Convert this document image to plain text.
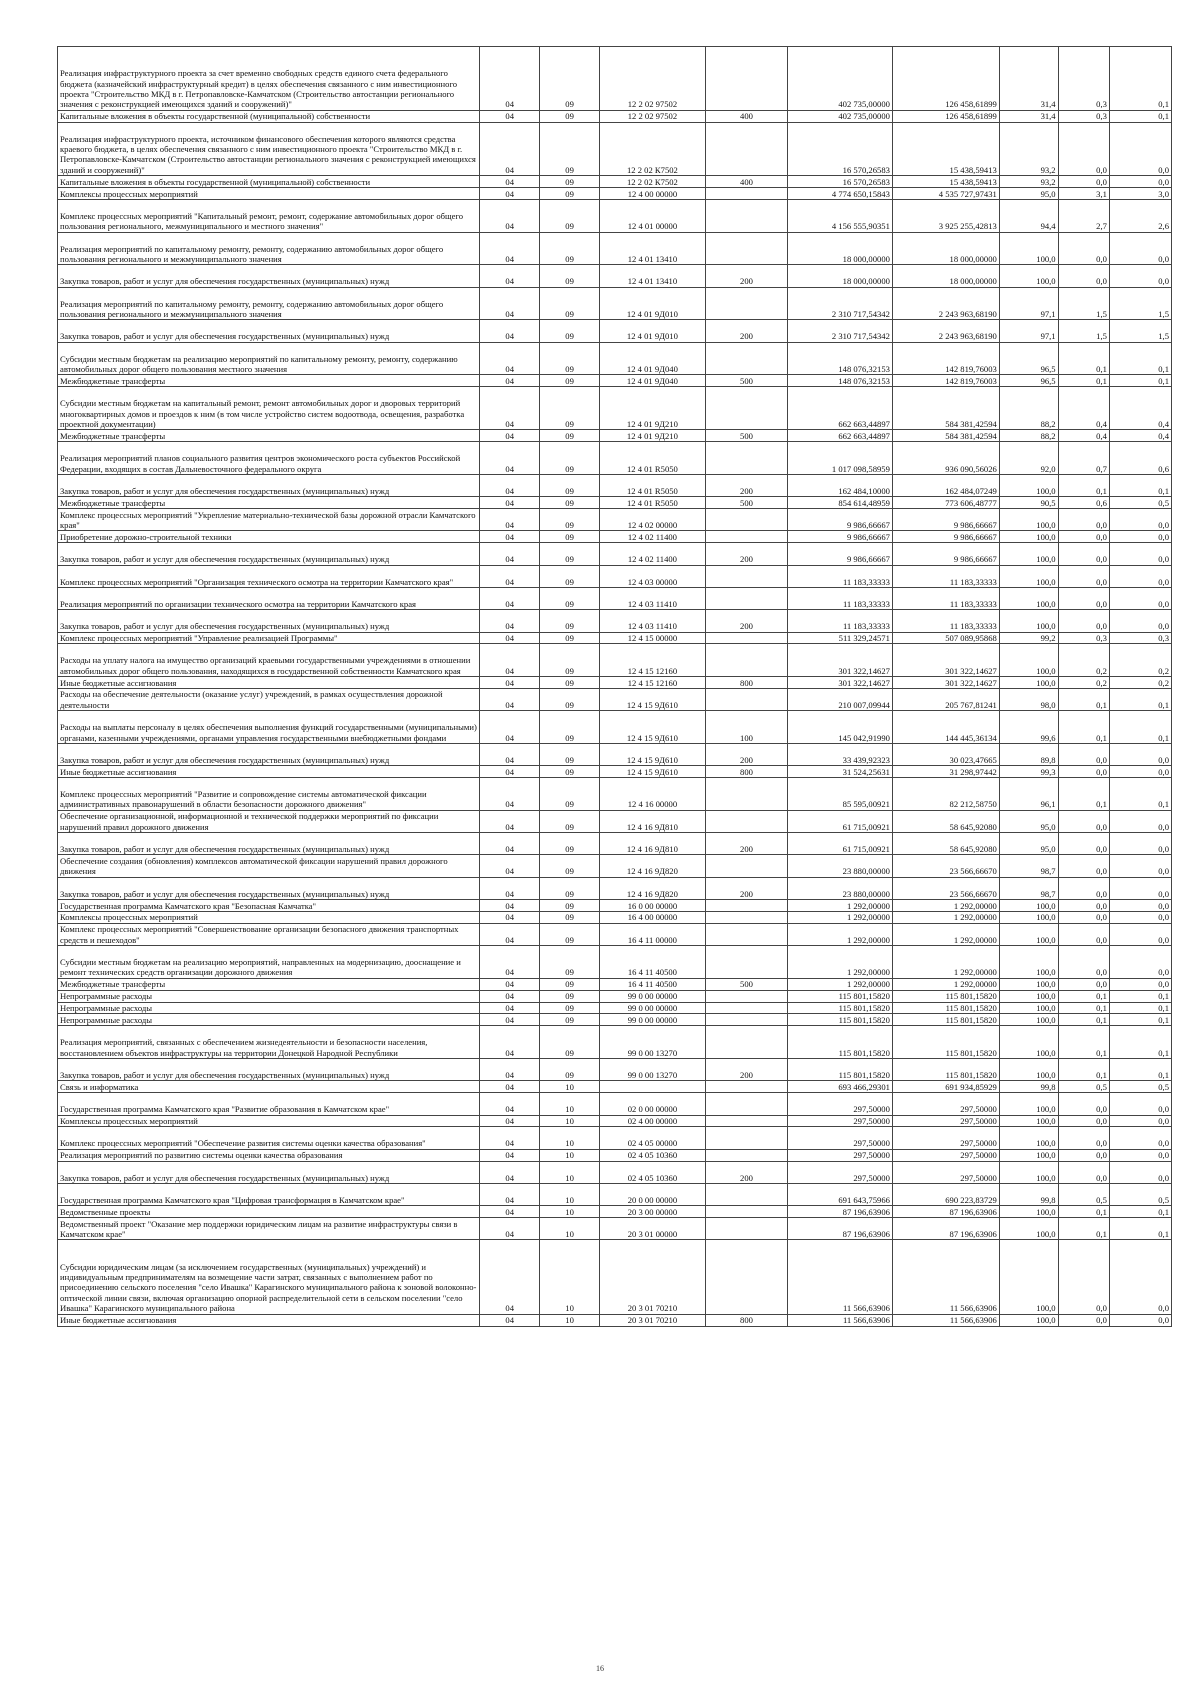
Реализация инфраструктурного проекта за счет временно свободных средств единого счета федерального бюджета (казначейский инфраструктурный кредит) в целях обеспечения связанного с ним инвестиционного проекта "Строительство МКД в г. Петропавловске-Камчатском (Строительство автостанции регионального значения с реконструкцией имеющихся зданий и сооружений)"	04	09	12 2 02 97502		402 735,00000	126 458,61899	31,4	0,3	0,1
Капитальные вложения в объекты государственной (муниципальной) собственности	04	09	12 2 02 97502	400	402 735,00000	126 458,61899	31,4	0,3	0,1
Реализация инфраструктурного проекта, источником финансового обеспечения которого являются средства краевого бюджета, в целях обеспечения связанного с ним инвестиционного проекта "Строительство МКД в г. Петропавловске-Камчатском (Строительство автостанции регионального значения с реконструкцией имеющихся зданий и сооружений)"	04	09	12 2 02 К7502		16 570,26583	15 438,59413	93,2	0,0	0,0
Капитальные вложения в объекты государственной (муниципальной) собственности	04	09	12 2 02 К7502	400	16 570,26583	15 438,59413	93,2	0,0	0,0
Комплексы процессных мероприятий	04	09	12 4 00 00000		4 774 650,15843	4 535 727,97431	95,0	3,1	3,0
Комплекс процессных мероприятий "Капитальный ремонт, ремонт, содержание автомобильных дорог общего пользования регионального, межмуниципального и местного значения"	04	09	12 4 01 00000		4 156 555,90351	3 925 255,42813	94,4	2,7	2,6
Реализация мероприятий по капитальному ремонту, ремонту, содержанию автомобильных дорог общего пользования регионального и межмуниципального значения	04	09	12 4 01 13410		18 000,00000	18 000,00000	100,0	0,0	0,0
Закупка товаров, работ и услуг для обеспечения государственных (муниципальных) нужд	04	09	12 4 01 13410	200	18 000,00000	18 000,00000	100,0	0,0	0,0
Реализация мероприятий по капитальному ремонту, ремонту, содержанию автомобильных дорог общего пользования регионального и межмуниципального значения	04	09	12 4 01 9Д010		2 310 717,54342	2 243 963,68190	97,1	1,5	1,5
Закупка товаров, работ и услуг для обеспечения государственных (муниципальных) нужд	04	09	12 4 01 9Д010	200	2 310 717,54342	2 243 963,68190	97,1	1,5	1,5
Субсидии местным бюджетам на реализацию мероприятий по капитальному ремонту, ремонту, содержанию автомобильных дорог общего пользования местного значения	04	09	12 4 01 9Д040		148 076,32153	142 819,76003	96,5	0,1	0,1
Межбюджетные трансферты	04	09	12 4 01 9Д040	500	148 076,32153	142 819,76003	96,5	0,1	0,1
Субсидии местным бюджетам на капитальный ремонт, ремонт автомобильных дорог и дворовых территорий многоквартирных домов и проездов к ним (в том числе устройство систем водоотвода, освещения, разработка проектной документации)	04	09	12 4 01 9Д210		662 663,44897	584 381,42594	88,2	0,4	0,4
Межбюджетные трансферты	04	09	12 4 01 9Д210	500	662 663,44897	584 381,42594	88,2	0,4	0,4
Реализация мероприятий планов социального развития центров экономического роста субъектов Российской Федерации, входящих в состав Дальневосточного федерального округа	04	09	12 4 01 R5050		1 017 098,58959	936 090,56026	92,0	0,7	0,6
Закупка товаров, работ и услуг для обеспечения государственных (муниципальных) нужд	04	09	12 4 01 R5050	200	162 484,10000	162 484,07249	100,0	0,1	0,1
Межбюджетные трансферты	04	09	12 4 01 R5050	500	854 614,48959	773 606,48777	90,5	0,6	0,5
Комплекс процессных мероприятий "Укрепление материально-технической базы дорожной отрасли Камчатского края"	04	09	12 4 02 00000		9 986,66667	9 986,66667	100,0	0,0	0,0
Приобретение дорожно-строительной техники	04	09	12 4 02 11400		9 986,66667	9 986,66667	100,0	0,0	0,0
Закупка товаров, работ и услуг для обеспечения государственных (муниципальных) нужд	04	09	12 4 02 11400	200	9 986,66667	9 986,66667	100,0	0,0	0,0
Комплекс процессных мероприятий "Организация технического осмотра на территории Камчатского края"	04	09	12 4 03 00000		11 183,33333	11 183,33333	100,0	0,0	0,0
Реализация мероприятий по организации технического осмотра на территории Камчатского края	04	09	12 4 03 11410		11 183,33333	11 183,33333	100,0	0,0	0,0
Закупка товаров, работ и услуг для обеспечения государственных (муниципальных) нужд	04	09	12 4 03 11410	200	11 183,33333	11 183,33333	100,0	0,0	0,0
Комплекс процессных мероприятий "Управление реализацией Программы"	04	09	12 4 15 00000		511 329,24571	507 089,95868	99,2	0,3	0,3
Расходы на уплату налога на имущество организаций краевыми государственными учреждениями в отношении автомобильных дорог общего пользования, находящихся в государственной собственности Камчатского края	04	09	12 4 15 12160		301 322,14627	301 322,14627	100,0	0,2	0,2
Иные бюджетные ассигнования	04	09	12 4 15 12160	800	301 322,14627	301 322,14627	100,0	0,2	0,2
Расходы на обеспечение деятельности (оказание услуг) учреждений, в рамках осуществления дорожной деятельности	04	09	12 4 15 9Д610		210 007,09944	205 767,81241	98,0	0,1	0,1
Расходы на выплаты персоналу в целях обеспечения выполнения функций государственными (муниципальными) органами, казенными учреждениями, органами управления государственными внебюджетными фондами	04	09	12 4 15 9Д610	100	145 042,91990	144 445,36134	99,6	0,1	0,1
Закупка товаров, работ и услуг для обеспечения государственных (муниципальных) нужд	04	09	12 4 15 9Д610	200	33 439,92323	30 023,47665	89,8	0,0	0,0
Иные бюджетные ассигнования	04	09	12 4 15 9Д610	800	31 524,25631	31 298,97442	99,3	0,0	0,0
Комплекс процессных мероприятий "Развитие и сопровождение системы автоматической фиксации административных правонарушений в области безопасности дорожного движения"	04	09	12 4 16 00000		85 595,00921	82 212,58750	96,1	0,1	0,1
Обеспечение организационной, информационной и технической поддержки мероприятий по фиксации нарушений правил дорожного движения	04	09	12 4 16 9Д810		61 715,00921	58 645,92080	95,0	0,0	0,0
Закупка товаров, работ и услуг для обеспечения государственных (муниципальных) нужд	04	09	12 4 16 9Д810	200	61 715,00921	58 645,92080	95,0	0,0	0,0
Обеспечение создания (обновления) комплексов автоматической фиксации нарушений правил дорожного движения	04	09	12 4 16 9Д820		23 880,00000	23 566,66670	98,7	0,0	0,0
Закупка товаров, работ и услуг для обеспечения государственных (муниципальных) нужд	04	09	12 4 16 9Д820	200	23 880,00000	23 566,66670	98,7	0,0	0,0
Государственная программа Камчатского края "Безопасная Камчатка"	04	09	16 0 00 00000		1 292,00000	1 292,00000	100,0	0,0	0,0
Комплексы процессных мероприятий	04	09	16 4 00 00000		1 292,00000	1 292,00000	100,0	0,0	0,0
Комплекс процессных мероприятий "Совершенствование организации безопасного движения транспортных средств и пешеходов"	04	09	16 4 11 00000		1 292,00000	1 292,00000	100,0	0,0	0,0
Субсидии местным бюджетам на реализацию мероприятий, направленных на модернизацию, дооснащение и ремонт технических средств организации дорожного движения	04	09	16 4 11 40500		1 292,00000	1 292,00000	100,0	0,0	0,0
Межбюджетные трансферты	04	09	16 4 11 40500	500	1 292,00000	1 292,00000	100,0	0,0	0,0
Непрограммные расходы	04	09	99 0 00 00000		115 801,15820	115 801,15820	100,0	0,1	0,1
Непрограммные расходы	04	09	99 0 00 00000		115 801,15820	115 801,15820	100,0	0,1	0,1
Непрограммные расходы	04	09	99 0 00 00000		115 801,15820	115 801,15820	100,0	0,1	0,1
Реализация мероприятий, связанных с обеспечением жизнедеятельности и безопасности населения, восстановлением объектов инфраструктуры на территории Донецкой Народной Республики	04	09	99 0 00 13270		115 801,15820	115 801,15820	100,0	0,1	0,1
Закупка товаров, работ и услуг для обеспечения государственных (муниципальных) нужд	04	09	99 0 00 13270	200	115 801,15820	115 801,15820	100,0	0,1	0,1
Связь и информатика	04	10			693 466,29301	691 934,85929	99,8	0,5	0,5
Государственная программа Камчатского края "Развитие образования в Камчатском крае"	04	10	02 0 00 00000		297,50000	297,50000	100,0	0,0	0,0
Комплексы процессных мероприятий	04	10	02 4 00 00000		297,50000	297,50000	100,0	0,0	0,0
Комплекс процессных мероприятий "Обеспечение развития системы оценки качества образования"	04	10	02 4 05 00000		297,50000	297,50000	100,0	0,0	0,0
Реализация мероприятий по развитию системы оценки качества образования	04	10	02 4 05 10360		297,50000	297,50000	100,0	0,0	0,0
Закупка товаров, работ и услуг для обеспечения государственных (муниципальных) нужд	04	10	02 4 05 10360	200	297,50000	297,50000	100,0	0,0	0,0
Государственная программа Камчатского края "Цифровая трансформация в Камчатском крае"	04	10	20 0 00 00000		691 643,75966	690 223,83729	99,8	0,5	0,5
Ведомственные проекты	04	10	20 3 00 00000		87 196,63906	87 196,63906	100,0	0,1	0,1
Ведомственный проект "Оказание мер поддержки юридическим лицам на развитие инфраструктуры связи в Камчатском крае"	04	10	20 3 01 00000		87 196,63906	87 196,63906	100,0	0,1	0,1
Субсидии юридическим лицам (за исключением государственных (муниципальных) учреждений) и индивидуальным предпринимателям на возмещение части затрат, связанных с выполнением работ по присоединению сельского поселения "село Ивашка" Карагинского муниципального района к зоновой волоконно-оптической линии связи, включая организацию опорной распределительной сети в сельском поселении "село Ивашка" Карагинского муниципального района	04	10	20 3 01 70210		11 566,63906	11 566,63906	100,0	0,0	0,0
Иные бюджетные ассигнования	04	10	20 3 01 70210	800	11 566,63906	11 566,63906	100,0	0,0	0,0
16
